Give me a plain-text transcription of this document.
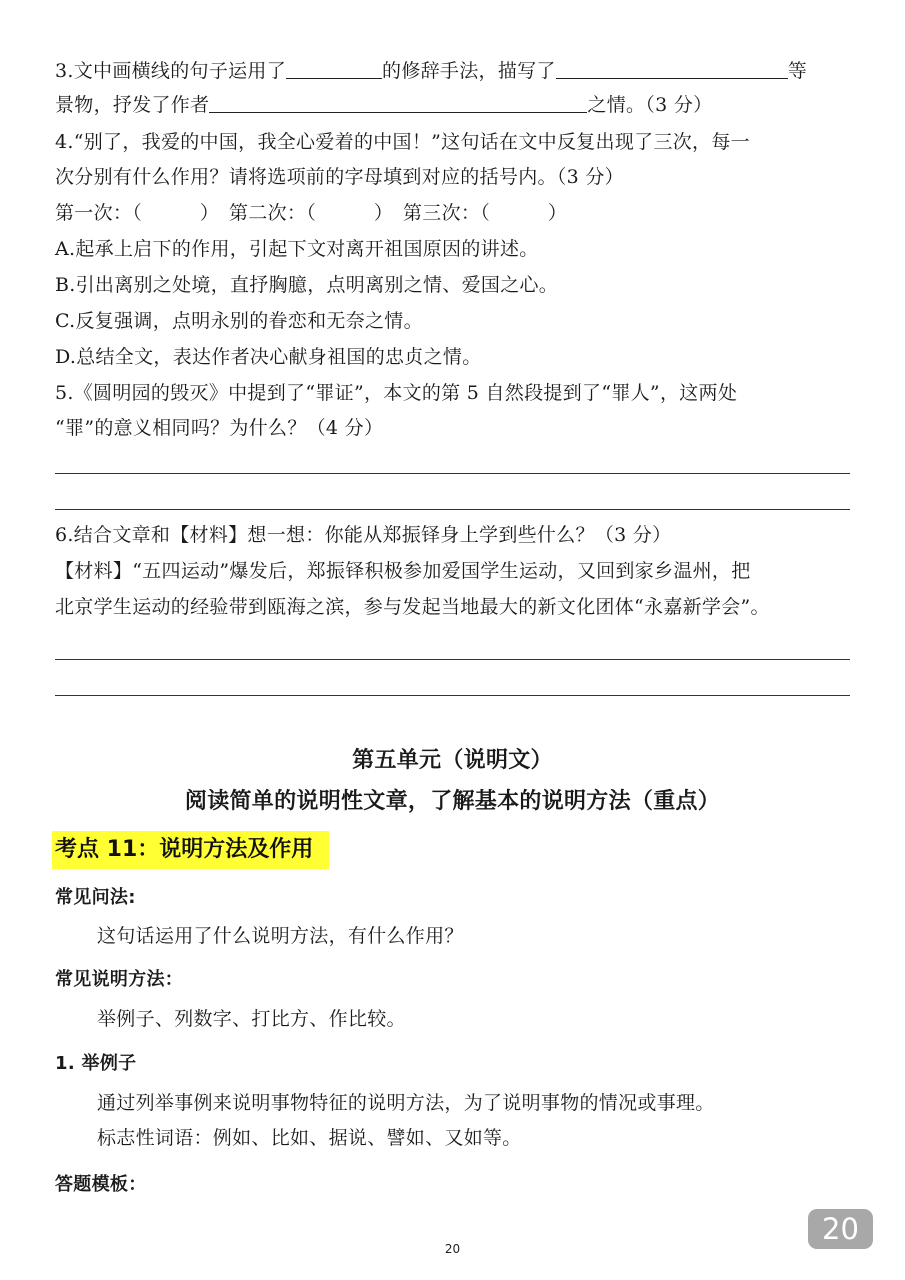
3.文中画横线的句子运用了	的修辞手法，描写了	等
景物，抒发了作者	之情。（3 分）
4.“别了，我爱的中国，我全心爱着的中国！”这句话在文中反复出现了三次，每一
次分别有什么作用？请将选项前的字母填到对应的括号内。（3 分）
第一次：（　　　）　第二次：（　　　）　第三次：（　　　）
A.起承上启下的作用，引起下文对离开祖国原因的讲述。
B.引出离别之处境，直抒胸臆，点明离别之情、爱国之心。
C.反复强调，点明永别的眷恋和无奈之情。
D.总结全文，表达作者决心献身祖国的忠贞之情。
5.《圆明园的毁灭》中提到了“罪证”，本文的第 5 自然段提到了“罪人”，这两处
“罪”的意义相同吗？为什么？（4 分）
6.结合文章和【材料】想一想：你能从郑振铎身上学到些什么？（3 分）
【材料】“五四运动”爆发后，郑振铎积极参加爱国学生运动，又回到家乡温州，把
北京学生运动的经验带到瓯海之滨，参与发起当地最大的新文化团体“永嘉新学会”。
第五单元（说明文）
阅读简单的说明性文章，了解基本的说明方法（重点）
考点 11：说明方法及作用
常见问法:
这句话运用了什么说明方法，有什么作用？
常见说明方法：
举例子、列数字、打比方、作比较。
1. 举例子
通过列举事例来说明事物特征的说明方法，为了说明事物的情况或事理。
标志性词语：例如、比如、据说、譬如、又如等。
答题模板：
20
20
